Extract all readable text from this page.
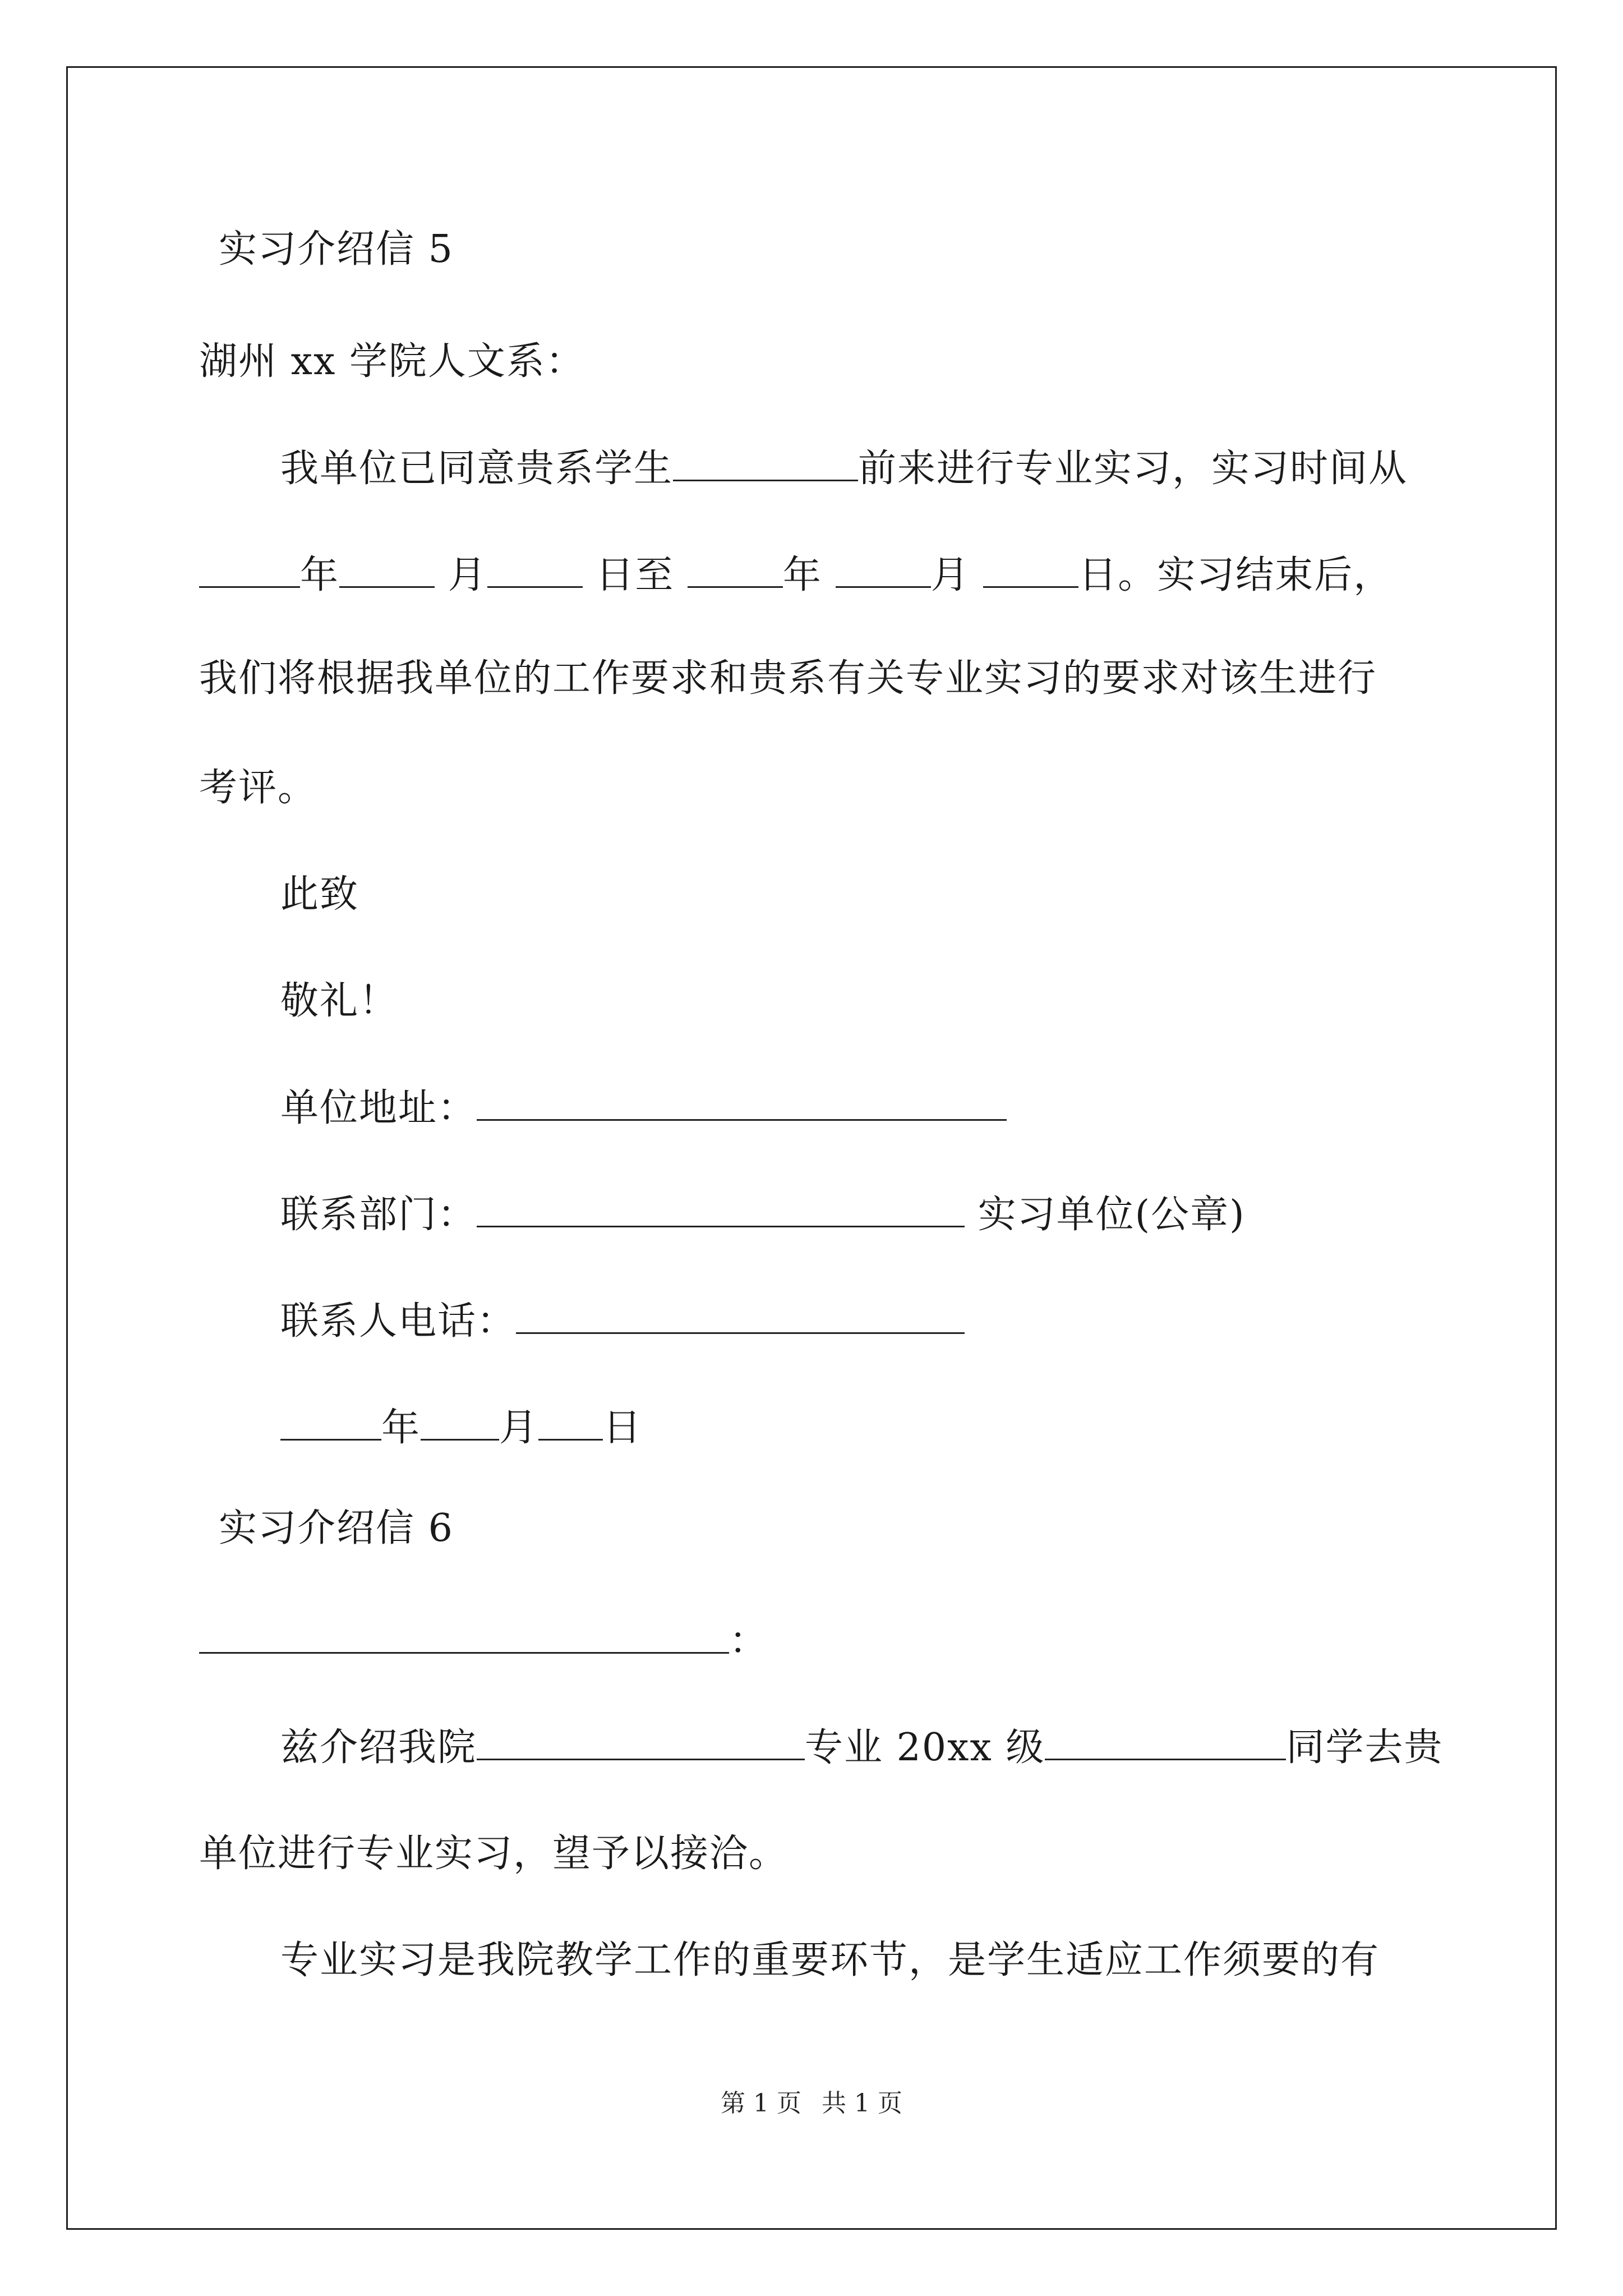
实习介绍信 5
湖州 xx 学院人文系：
我单位已同意贵系学生	前来进行专业实习，实习时间从
年	月	日至	年	月	日。实习结束后，
我们将根据我单位的工作要求和贵系有关专业实习的要求对该生进行
考评。
此致
敬礼！
单位地址：
联系部门：	实习单位(公章)
联系人电话：
年 月 日
实习介绍信 6
：
兹介绍我院	专业 20xx 级	同学去贵
单位进行专业实习，望予以接洽。
专业实习是我院教学工作的重要环节，是学生适应工作须要的有
第 1 页 共 1 页
